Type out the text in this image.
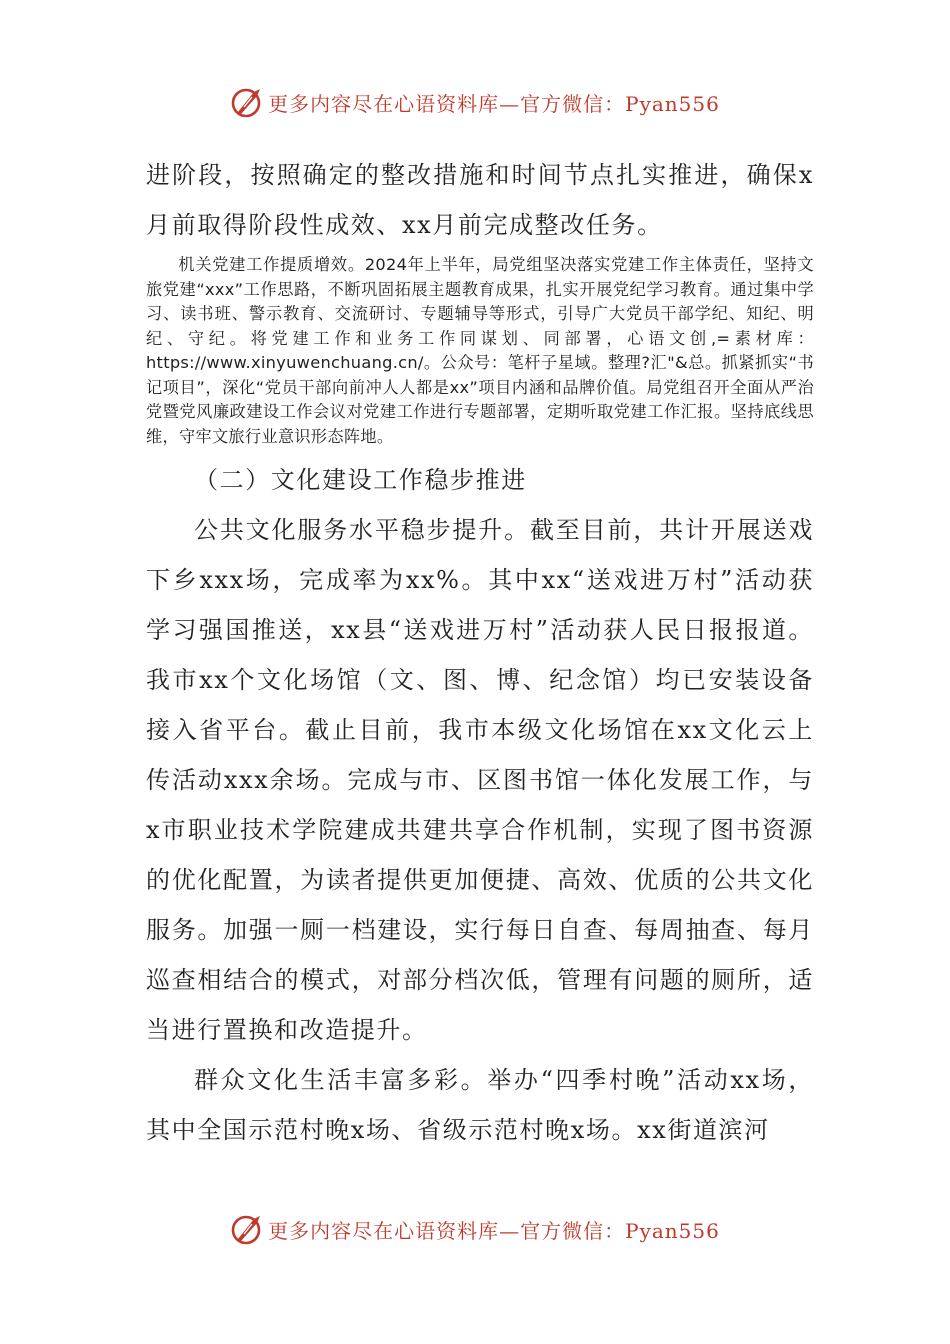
更多内容尽在心语资料库—官方微信：Pyan556

进阶段，按照确定的整改措施和时间节点扎实推进，确保x月前取得阶段性成效、xx月前完成整改任务。

机关党建工作提质增效。2024年上半年，局党组坚决落实党建工作主体责任，坚持文旅党建“xxx”工作思路，不断巩固拓展主题教育成果，扎实开展党纪学习教育。通过集中学习、读书班、警示教育、交流研讨、专题辅导等形式，引导广大党员干部学纪、知纪、明纪、守纪。将党建工作和业务工作同谋划、同部署，心语文创,=素材库：https://www.xinyuwenchuang.cn/。公众号：笔杆子星域。整理?汇"&总。抓紧抓实“书记项目”，深化“党员干部向前冲人人都是xx”项目内涵和品牌价值。局党组召开全面从严治党暨党风廉政建设工作会议对党建工作进行专题部署，定期听取党建工作汇报。坚持底线思维，守牢文旅行业意识形态阵地。

（二）文化建设工作稳步推进

公共文化服务水平稳步提升。截至目前，共计开展送戏下乡xxx场，完成率为xx%。其中xx“送戏进万村”活动获学习强国推送，xx县“送戏进万村”活动获人民日报报道。我市xx个文化场馆（文、图、博、纪念馆）均已安装设备接入省平台。截止目前，我市本级文化场馆在xx文化云上传活动xxx余场。完成与市、区图书馆一体化发展工作，与x市职业技术学院建成共建共享合作机制，实现了图书资源的优化配置，为读者提供更加便捷、高效、优质的公共文化服务。加强一厕一档建设，实行每日自查、每周抽查、每月巡查相结合的模式，对部分档次低，管理有问题的厕所，适当进行置换和改造提升。

群众文化生活丰富多彩。举办“四季村晚”活动xx场，其中全国示范村晚x场、省级示范村晚x场。xx街道滨河

更多内容尽在心语资料库—官方微信：Pyan556
